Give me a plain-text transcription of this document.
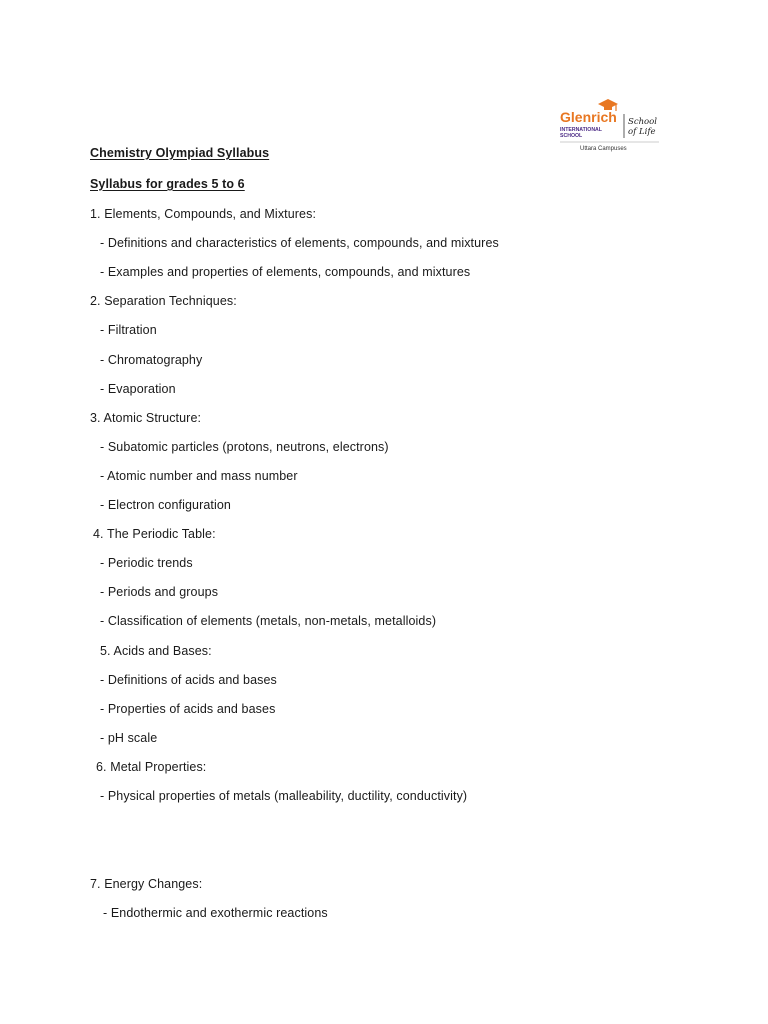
Glenrich
INTERNATIONAL
SCHOOL
School
of Life
Uttara Campuses
Chemistry Olympiad Syllabus
Syllabus for grades 5 to 6
1. Elements, Compounds, and Mixtures:
- Definitions and characteristics of elements, compounds, and mixtures
- Examples and properties of elements, compounds, and mixtures
2. Separation Techniques:
- Filtration
- Chromatography
- Evaporation
3. Atomic Structure:
- Subatomic particles (protons, neutrons, electrons)
- Atomic number and mass number
- Electron configuration
4. The Periodic Table:
- Periodic trends
- Periods and groups
- Classification of elements (metals, non-metals, metalloids)
5. Acids and Bases:
- Definitions of acids and bases
- Properties of acids and bases
- pH scale
6. Metal Properties:
- Physical properties of metals (malleability, ductility, conductivity)
7. Energy Changes:
- Endothermic and exothermic reactions
